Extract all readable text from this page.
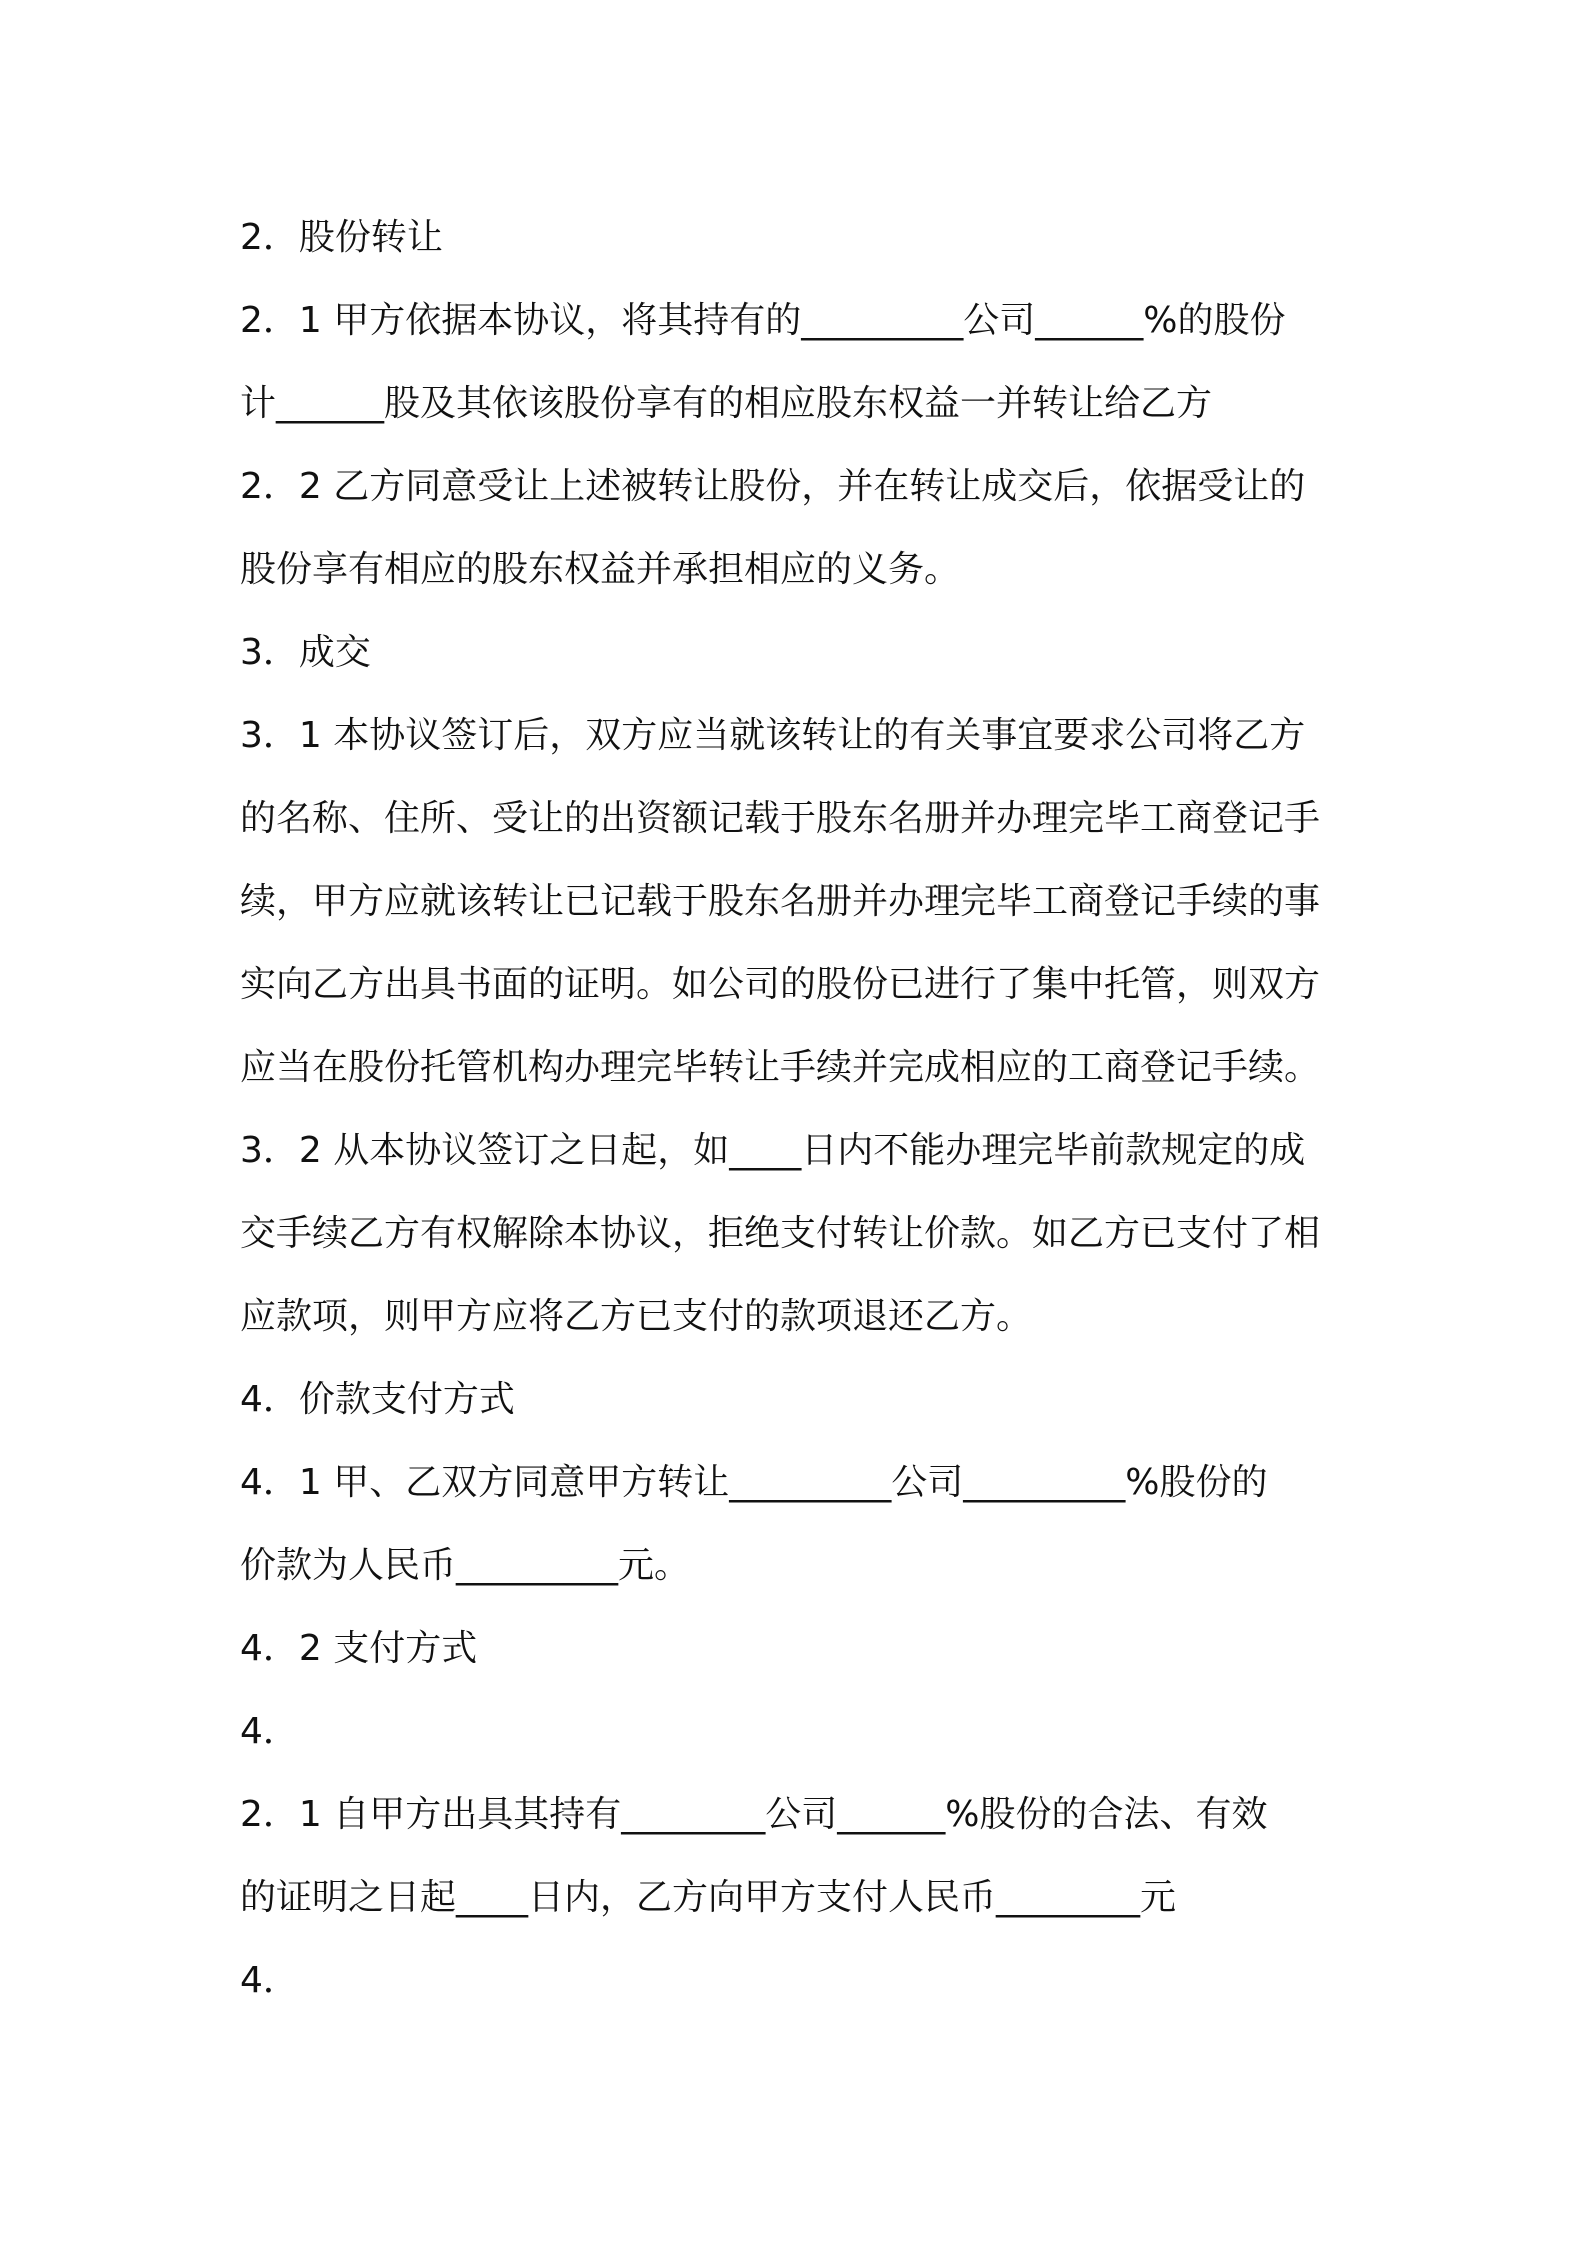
2．股份转让
2．1 甲方依据本协议，将其持有的_________公司______%的股份
计______股及其依该股份享有的相应股东权益一并转让给乙方
2．2 乙方同意受让上述被转让股份，并在转让成交后，依据受让的
股份享有相应的股东权益并承担相应的义务。
3．成交
3．1 本协议签订后，双方应当就该转让的有关事宜要求公司将乙方
的名称、住所、受让的出资额记载于股东名册并办理完毕工商登记手
续，甲方应就该转让已记载于股东名册并办理完毕工商登记手续的事
实向乙方出具书面的证明。如公司的股份已进行了集中托管，则双方
应当在股份托管机构办理完毕转让手续并完成相应的工商登记手续。
3．2 从本协议签订之日起，如____日内不能办理完毕前款规定的成
交手续乙方有权解除本协议，拒绝支付转让价款。如乙方已支付了相
应款项，则甲方应将乙方已支付的款项退还乙方。
4．价款支付方式
4．1 甲、乙双方同意甲方转让_________公司_________%股份的
价款为人民币_________元。
4．2 支付方式
4．
2．1 自甲方出具其持有________公司______%股份的合法、有效
的证明之日起____日内，乙方向甲方支付人民币________元
4．
